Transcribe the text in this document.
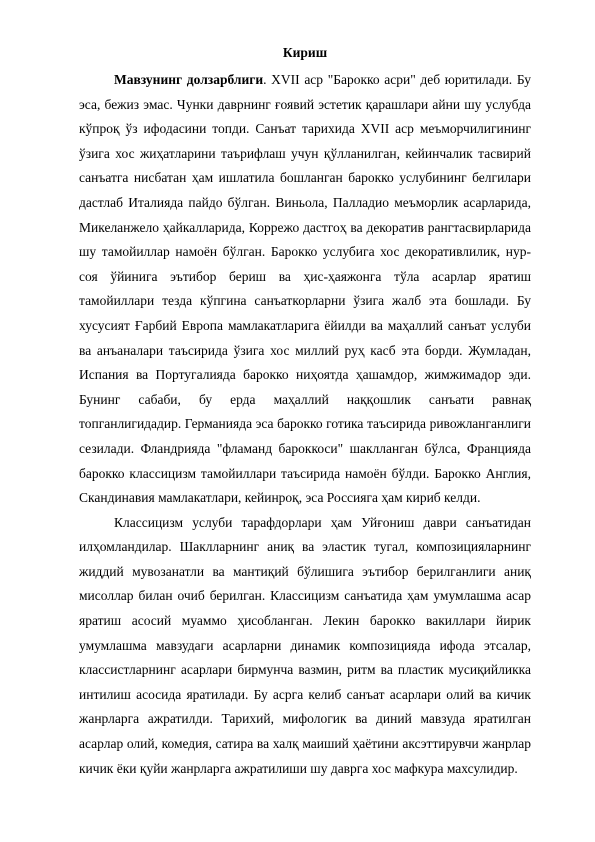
Кириш

Мавзунинг долзарблиги. XVII аср "Барокко асри" деб юритилади. Бу эса, бежиз эмас. Чунки даврнинг ғоявий эстетик қарашлари айни шу услубда кўпроқ ўз ифодасини топди. Санъат тарихида XVII аср меъморчилигининг ўзига хос жиҳатларини таърифлаш учун қўлланилган, кейинчалик тасвирий санъатга нисбатан ҳам ишлатила бошланган барокко услубининг белгилари дастлаб Италияда пайдо бўлган. Виньола, Палладио меъморлик асарларида, Микеланжело ҳайкалларида, Коррежо дастгоҳ ва декоратив рангтасвирларида шу тамойиллар намоён бўлган. Барокко услубига хос декоративлилик, нур-соя ўйинига эътибор бериш ва ҳис-ҳаяжонга тўла асарлар яратиш тамойиллари тезда кўпгина санъаткорларни ўзига жалб эта бошлади. Бу хусусият Ғарбий Европа мамлакатларига ёйилди ва маҳаллий санъат услуби ва анъаналари таъсирида ўзига хос миллий руҳ касб эта борди. Жумладан, Испания ва Португалияда барокко ниҳоятда ҳашамдор, жимжимадор эди. Бунинг сабаби, бу ерда маҳаллий наққошлик санъати равнақ топганлигидадир. Германияда эса барокко готика таъсирида ривожланганлиги сезилади. Фландрияда "фламанд бароккоси" шаклланган бўлса, Францияда барокко классицизм тамойиллари таъсирида намоён бўлди. Барокко Англия, Скандинавия мамлакатлари, кейинроқ, эса Россияга ҳам кириб келди.

Классицизм услуби тарафдорлари ҳам Уйғониш даври санъатидан илҳомландилар. Шаклларнинг аниқ ва эластик тугал, композицияларнинг жиддий мувозанатли ва мантиқий бўлишига эътибор берилганлиги аниқ мисоллар билан очиб берилган. Классицизм санъатида ҳам умумлашма асар яратиш асосий муаммо ҳисобланган. Лекин барокко вакиллари йирик умумлашма мавзудаги асарларни динамик композицияда ифода этсалар, классистларнинг асарлари бирмунча вазмин, ритм ва пластик мусиқийликка интилиш асосида яратилади. Бу асрга келиб санъат асарлари олий ва кичик жанрларга ажратилди. Тарихий, мифологик ва диний мавзуда яратилган асарлар олий, комедия, сатира ва халқ маиший ҳаётини аксэттирувчи жанрлар кичик ёки қуйи жанрларга ажратилиши шу даврга хос мафкура махсулидир.
